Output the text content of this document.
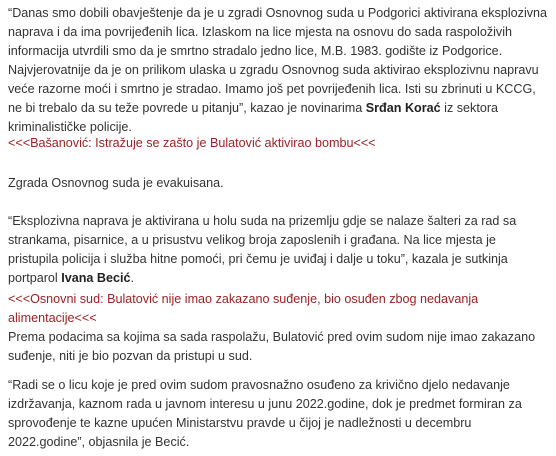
“Danas smo dobili obavještenje da je u zgradi Osnovnog suda u Podgorici aktivirana eksplozivna naprava i da ima povrijeđenih lica. Izlaskom na lice mjesta na osnovu do sada raspoloživih informacija utvrdili smo da je smrtno stradalo jedno lice, M.B. 1983. godište iz Podgorice. Najvjerovatnije da je on prilikom ulaska u zgradu Osnovnog suda aktivirao eksplozivnu napravu veće razorne moći i smrtno je stradao. Imamo još pet povrijeđenih lica. Isti su zbrinuti u KCCG, ne bi trebalo da su teže povrede u pitanju”, kazao je novinarima Srđan Korać iz sektora kriminalističke policije.

<<<Bašanović: Istražuje se zašto je Bulatović aktivirao bombu<<<

Zgrada Osnovnog suda je evakuisana.

“Eksplozivna naprava je aktivirana u holu suda na prizemlju gdje se nalaze šalteri za rad sa strankama, pisarnice, a u prisustvu velikog broja zaposlenih i građana. Na lice mjesta je pristupila policija i služba hitne pomoći, pri čemu je uviđaj i dalje u toku”, kazala je sutkinja portparol Ivana Becić.

<<<Osnovni sud: Bulatović nije imao zakazano suđenje, bio osuđen zbog nedavanja alimentacije<<<

Prema podacima sa kojima sa sada raspolažu, Bulatović pred ovim sudom nije imao zakazano suđenje, niti je bio pozvan da pristupi u sud.

“Radi se o licu koje je pred ovim sudom pravosnažno osuđeno za krivično djelo nedavanje izdržavanja, kaznom rada u javnom interesu u junu 2022.godine, dok je predmet formiran za sprovođenje te kazne upućen Ministarstvu pravde u čijoj je nadležnosti u decembru 2022.godine”, objasnila je Becić.
